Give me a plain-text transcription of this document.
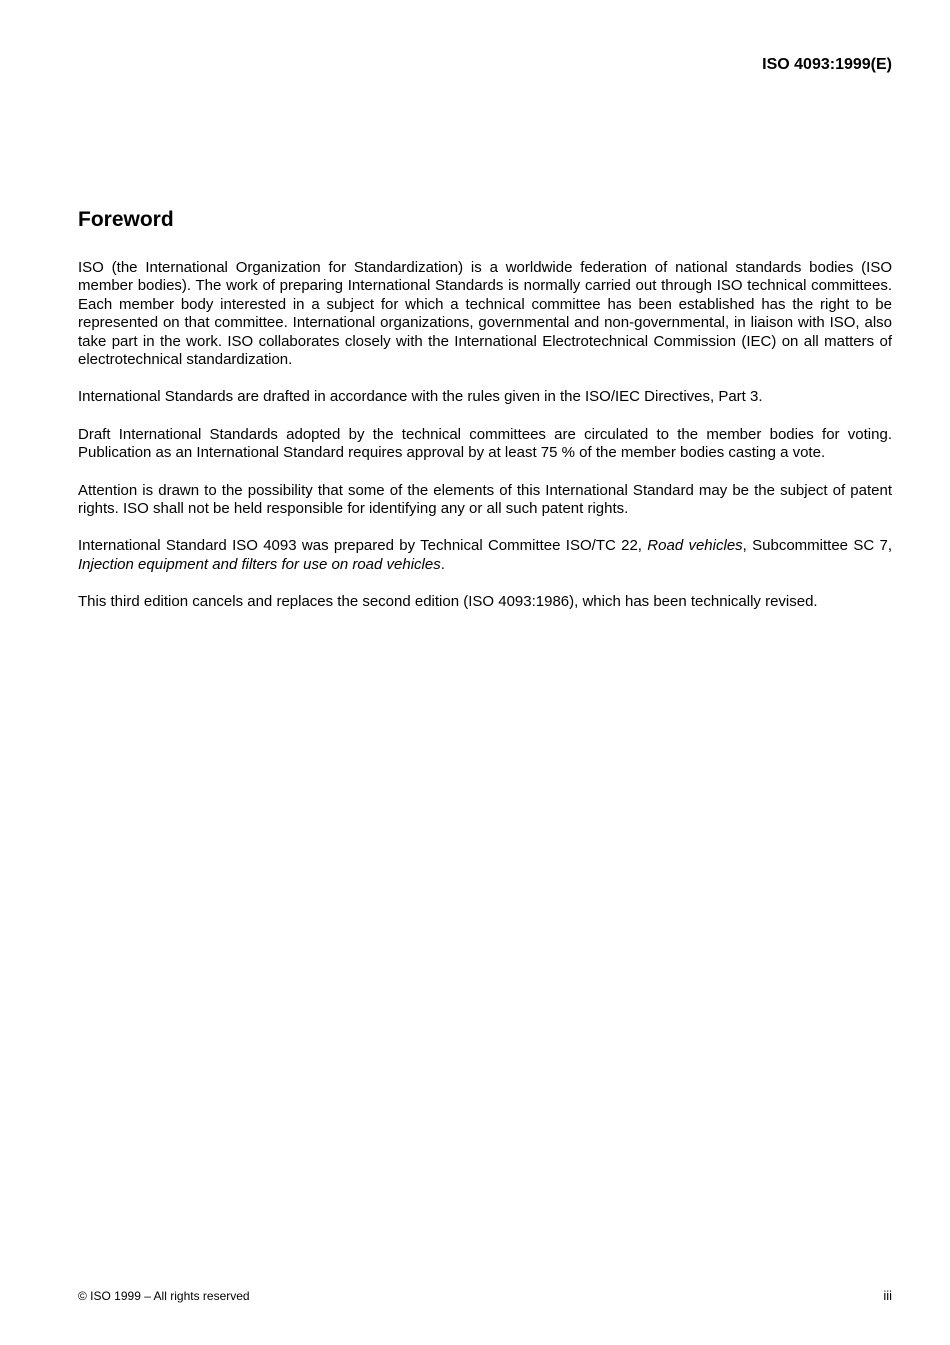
ISO 4093:1999(E)
Foreword

ISO (the International Organization for Standardization) is a worldwide federation of national standards bodies (ISO member bodies). The work of preparing International Standards is normally carried out through ISO technical committees. Each member body interested in a subject for which a technical committee has been established has the right to be represented on that committee. International organizations, governmental and non-governmental, in liaison with ISO, also take part in the work. ISO collaborates closely with the International Electrotechnical Commission (IEC) on all matters of electrotechnical standardization.

International Standards are drafted in accordance with the rules given in the ISO/IEC Directives, Part 3.

Draft International Standards adopted by the technical committees are circulated to the member bodies for voting. Publication as an International Standard requires approval by at least 75 % of the member bodies casting a vote.

Attention is drawn to the possibility that some of the elements of this International Standard may be the subject of patent rights. ISO shall not be held responsible for identifying any or all such patent rights.

International Standard ISO 4093 was prepared by Technical Committee ISO/TC 22, Road vehicles, Subcommittee SC 7, Injection equipment and filters for use on road vehicles.

This third edition cancels and replaces the second edition (ISO 4093:1986), which has been technically revised.

© ISO 1999 – All rights reserved	iii
